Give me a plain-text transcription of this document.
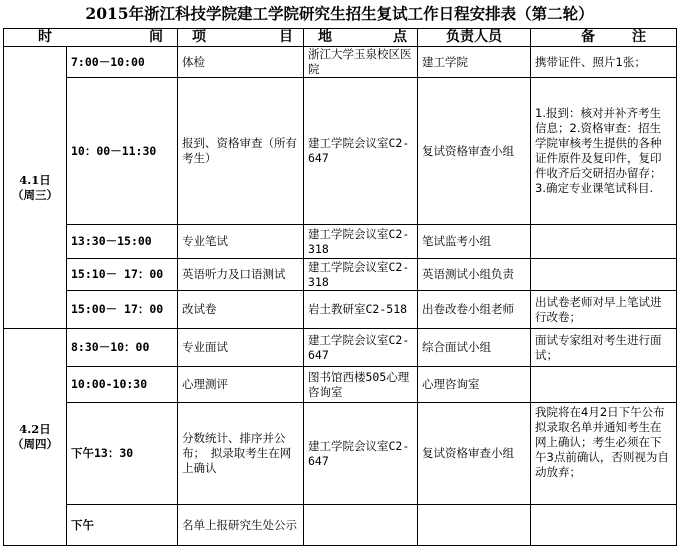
2015年浙江科技学院建工学院研究生招生复试工作日程安排表（第二轮）
时 间		项 目	地 点	负责人员	备 注

4.1日
（周三）	7:00－10:00	体检	浙江大学玉泉校区医院	建工学院	携带证件、照片1张；
	10：00－11:30	报到、资格审查（所有考生）	建工学院会议室C2-647	复试资格审查小组	1.报到：核对并补齐考生信息；2.资格审查：招生学院审核考生提供的各种证件原件及复印件，复印件收齐后交研招办留存；3.确定专业课笔试科目.
	13:30－15:00	专业笔试	建工学院会议室C2-318	笔试监考小组	
	15:10－ 17：00	英语听力及口语测试	建工学院会议室C2-318	英语测试小组负责	
	15:00－ 17：00	改试卷	岩土教研室C2-518	出卷改卷小组老师	出试卷老师对早上笔试进行改卷；

4.2日
（周四）	8:30－10：00	专业面试	建工学院会议室C2-647	综合面试小组	面试专家组对考生进行面试；
	10:00-10:30	心理测评	图书馆西楼505心理咨询室	心理咨询室	
	下午13：30	分数统计、排序并公布；　拟录取考生在网上确认	建工学院会议室C2-647	复试资格审查小组	我院将在4月2日下午公布拟录取名单并通知考生在网上确认；考生必须在下午3点前确认，否则视为自动放弃；
	下午	名单上报研究生处公示			
